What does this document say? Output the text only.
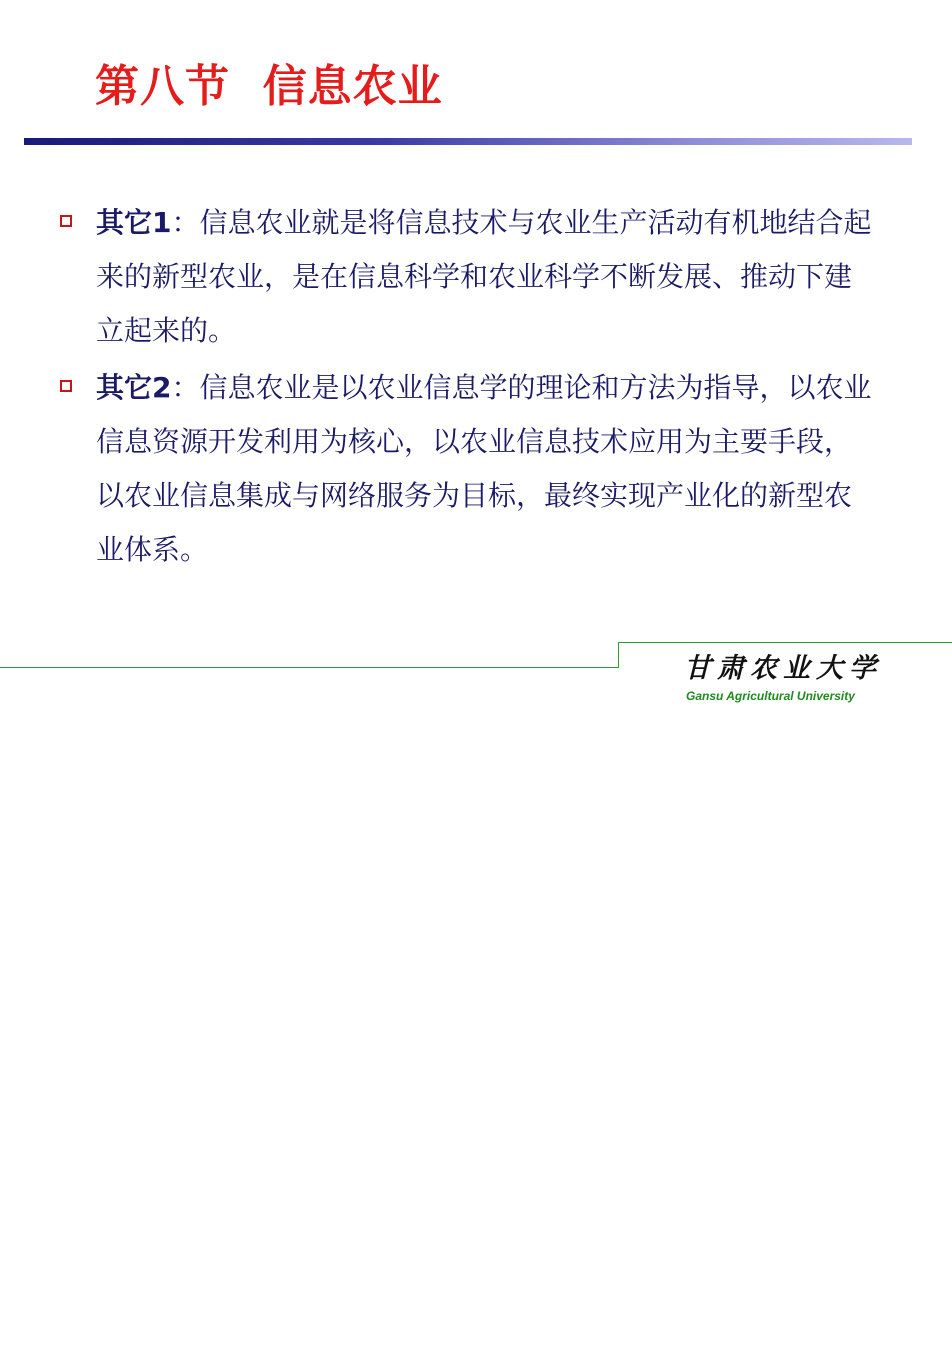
第八节  信息农业
其它1：信息农业就是将信息技术与农业生产活动有机地结合起来的新型农业，是在信息科学和农业科学不断发展、推动下建立起来的。
其它2：信息农业是以农业信息学的理论和方法为指导，以农业信息资源开发利用为核心，以农业信息技术应用为主要手段，以农业信息集成与网络服务为目标，最终实现产业化的新型农业体系。
甘肃农业大学
Gansu Agricultural University
